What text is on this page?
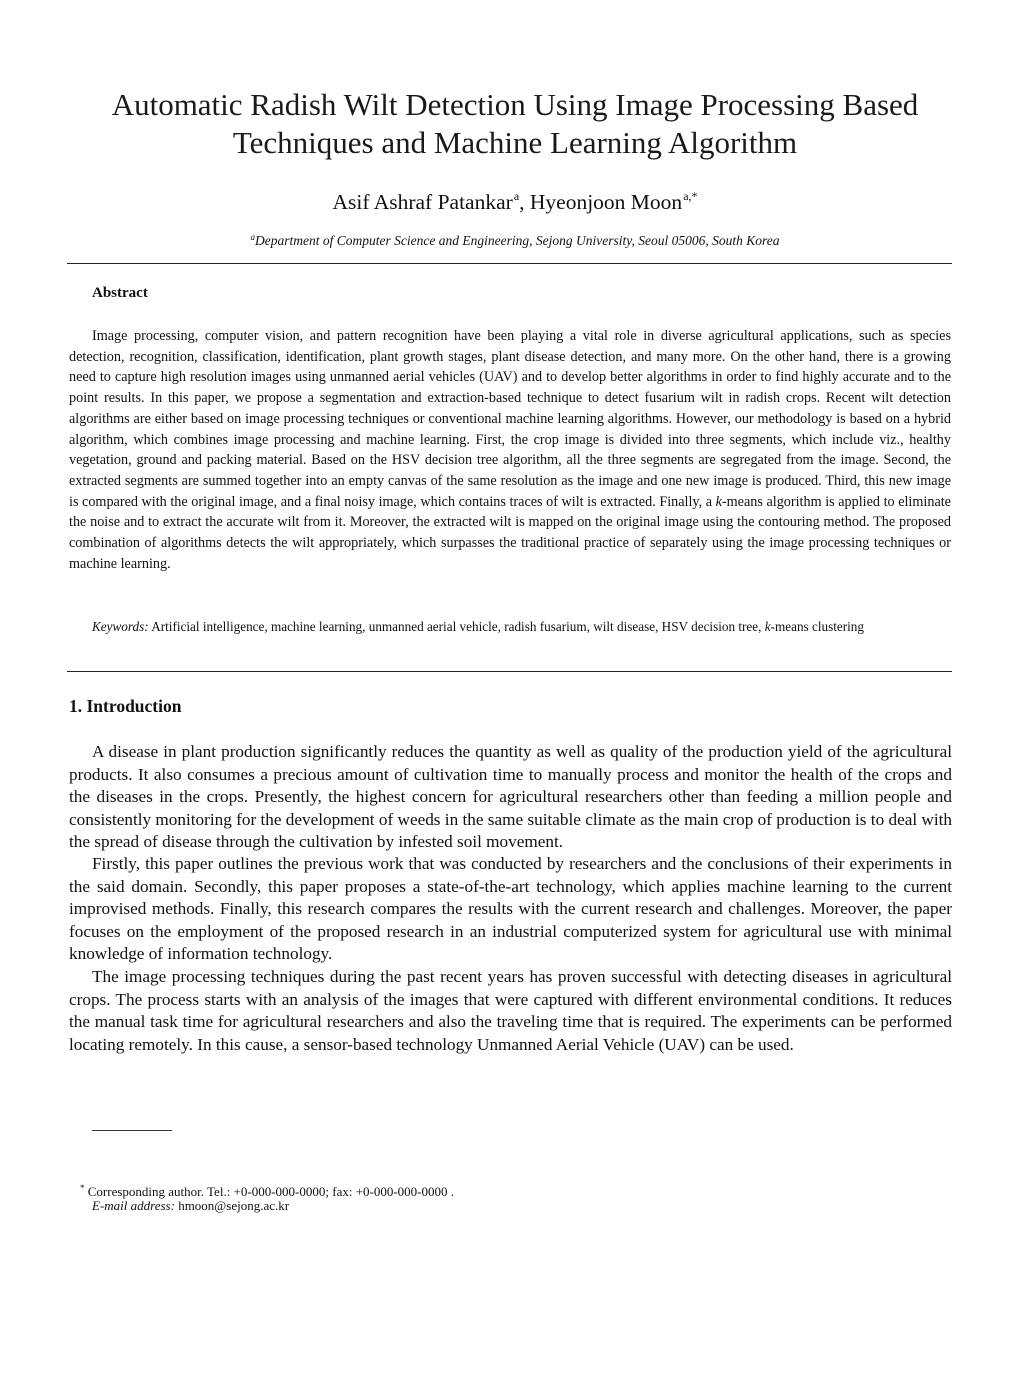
Automatic Radish Wilt Detection Using Image Processing Based
Techniques and Machine Learning Algorithm
Asif Ashraf Patankar$^a$, Hyeonjoon Moon$^{a,*}$
$^a$Department of Computer Science and Engineering, Sejong University, Seoul 05006, South Korea
Abstract

Image processing, computer vision, and pattern recognition have been playing a vital role in diverse agricultural applications, such as species detection, recognition, classification, identification, plant growth stages, plant disease detection, and many more. On the other hand, there is a growing need to capture high resolution images using unmanned aerial vehicles (UAV) and to develop better algorithms in order to find highly accurate and to the point results. In this paper, we propose a segmentation and extraction-based technique to detect fusarium wilt in radish crops. Recent wilt detection algorithms are either based on image processing techniques or conventional machine learning algorithms. However, our methodology is based on a hybrid algorithm, which combines image processing and machine learning. First, the crop image is divided into three segments, which include viz., healthy vegetation, ground and packing material. Based on the HSV decision tree algorithm, all the three segments are segregated from the image. Second, the extracted segments are summed together into an empty canvas of the same resolution as the image and one new image is produced. Third, this new image is compared with the original image, and a final noisy image, which contains traces of wilt is extracted. Finally, a k-means algorithm is applied to eliminate the noise and to extract the accurate wilt from it. Moreover, the extracted wilt is mapped on the original image using the contouring method. The proposed combination of algorithms detects the wilt appropriately, which surpasses the traditional practice of separately using the image processing techniques or machine learning.

Keywords: Artificial intelligence, machine learning, unmanned aerial vehicle, radish fusarium, wilt disease, HSV decision tree, k-means clustering

1. Introduction

A disease in plant production significantly reduces the quantity as well as quality of the production yield of the agricultural products. It also consumes a precious amount of cultivation time to manually process and monitor the health of the crops and the diseases in the crops. Presently, the highest concern for agricultural researchers other than feeding a million people and consistently monitoring for the development of weeds in the same suitable climate as the main crop of production is to deal with the spread of disease through the cultivation by infested soil movement.

Firstly, this paper outlines the previous work that was conducted by researchers and the conclusions of their experiments in the said domain. Secondly, this paper proposes a state-of-the-art technology, which applies machine learning to the current improvised methods. Finally, this research compares the results with the current research and challenges. Moreover, the paper focuses on the employment of the proposed research in an industrial computerized system for agricultural use with minimal knowledge of information technology.

The image processing techniques during the past recent years has proven successful with detecting diseases in agricultural crops. The process starts with an analysis of the images that were captured with different environmental conditions. It reduces the manual task time for agricultural researchers and also the traveling time that is required. The experiments can be performed locating remotely. In this cause, a sensor-based technology Unmanned Aerial Vehicle (UAV) can be used.

* Corresponding author. Tel.: +0-000-000-0000; fax: +0-000-000-0000 .
E-mail address: hmoon@sejong.ac.kr
